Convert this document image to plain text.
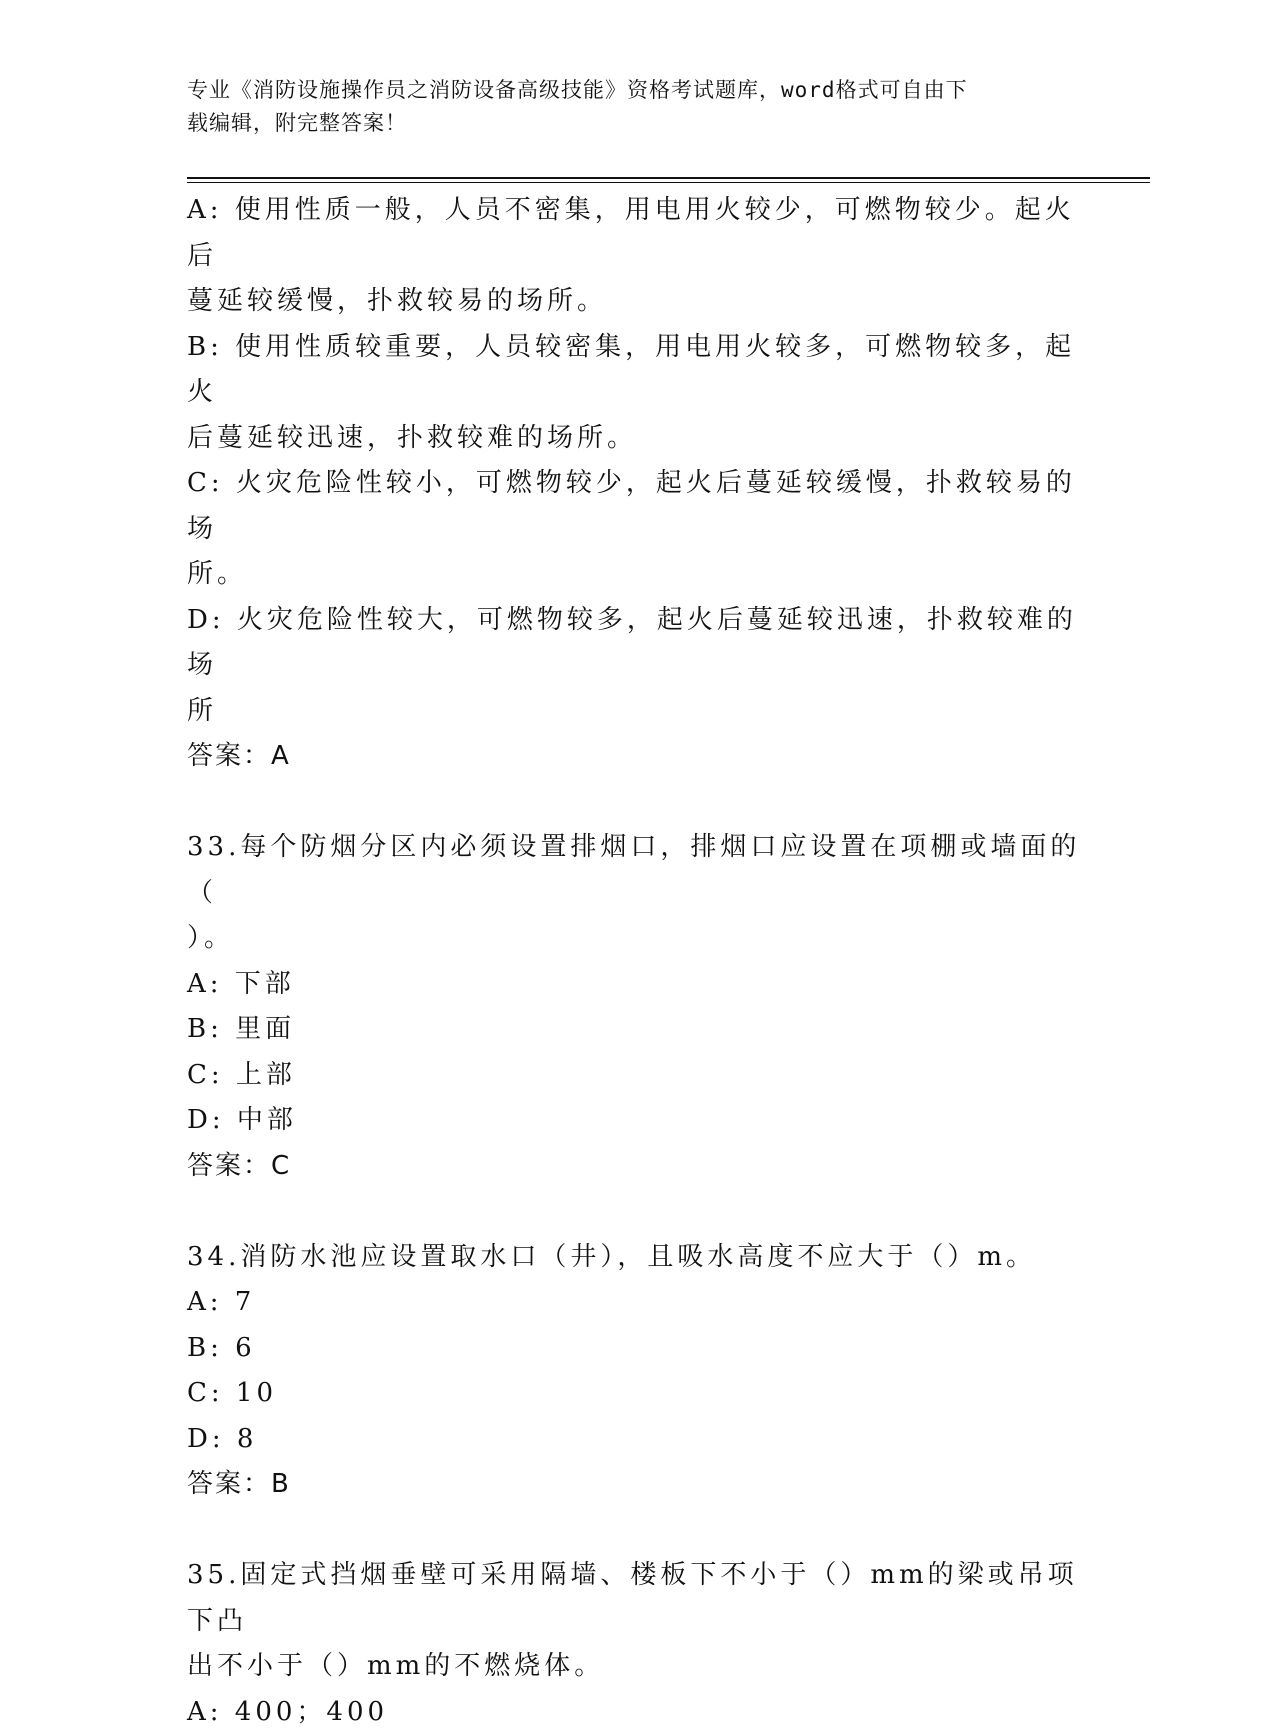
专业《消防设施操作员之消防设备高级技能》资格考试题库，word格式可自由下
载编辑，附完整答案！

A: 使用性质一般，人员不密集，用电用火较少，可燃物较少。起火后

蔓延较缓慢，扑救较易的场所。

B: 使用性质较重要，人员较密集，用电用火较多，可燃物较多，起火

后蔓延较迅速，扑救较难的场所。

C: 火灾危险性较小，可燃物较少，起火后蔓延较缓慢，扑救较易的场

所。

D: 火灾危险性较大，可燃物较多，起火后蔓延较迅速，扑救较难的场

所

答案：A

33.每个防烟分区内必须设置排烟口，排烟口应设置在项棚或墙面的（

）。

A: 下部

B: 里面

C: 上部

D: 中部

答案：C

34.消防水池应设置取水口（井），且吸水高度不应大于（）m。

A: 7

B: 6

C: 10

D: 8

答案：B

35.固定式挡烟垂壁可采用隔墙、楼板下不小于（）mm的梁或吊项下凸

出不小于（）mm的不燃烧体。

A: 400；400
